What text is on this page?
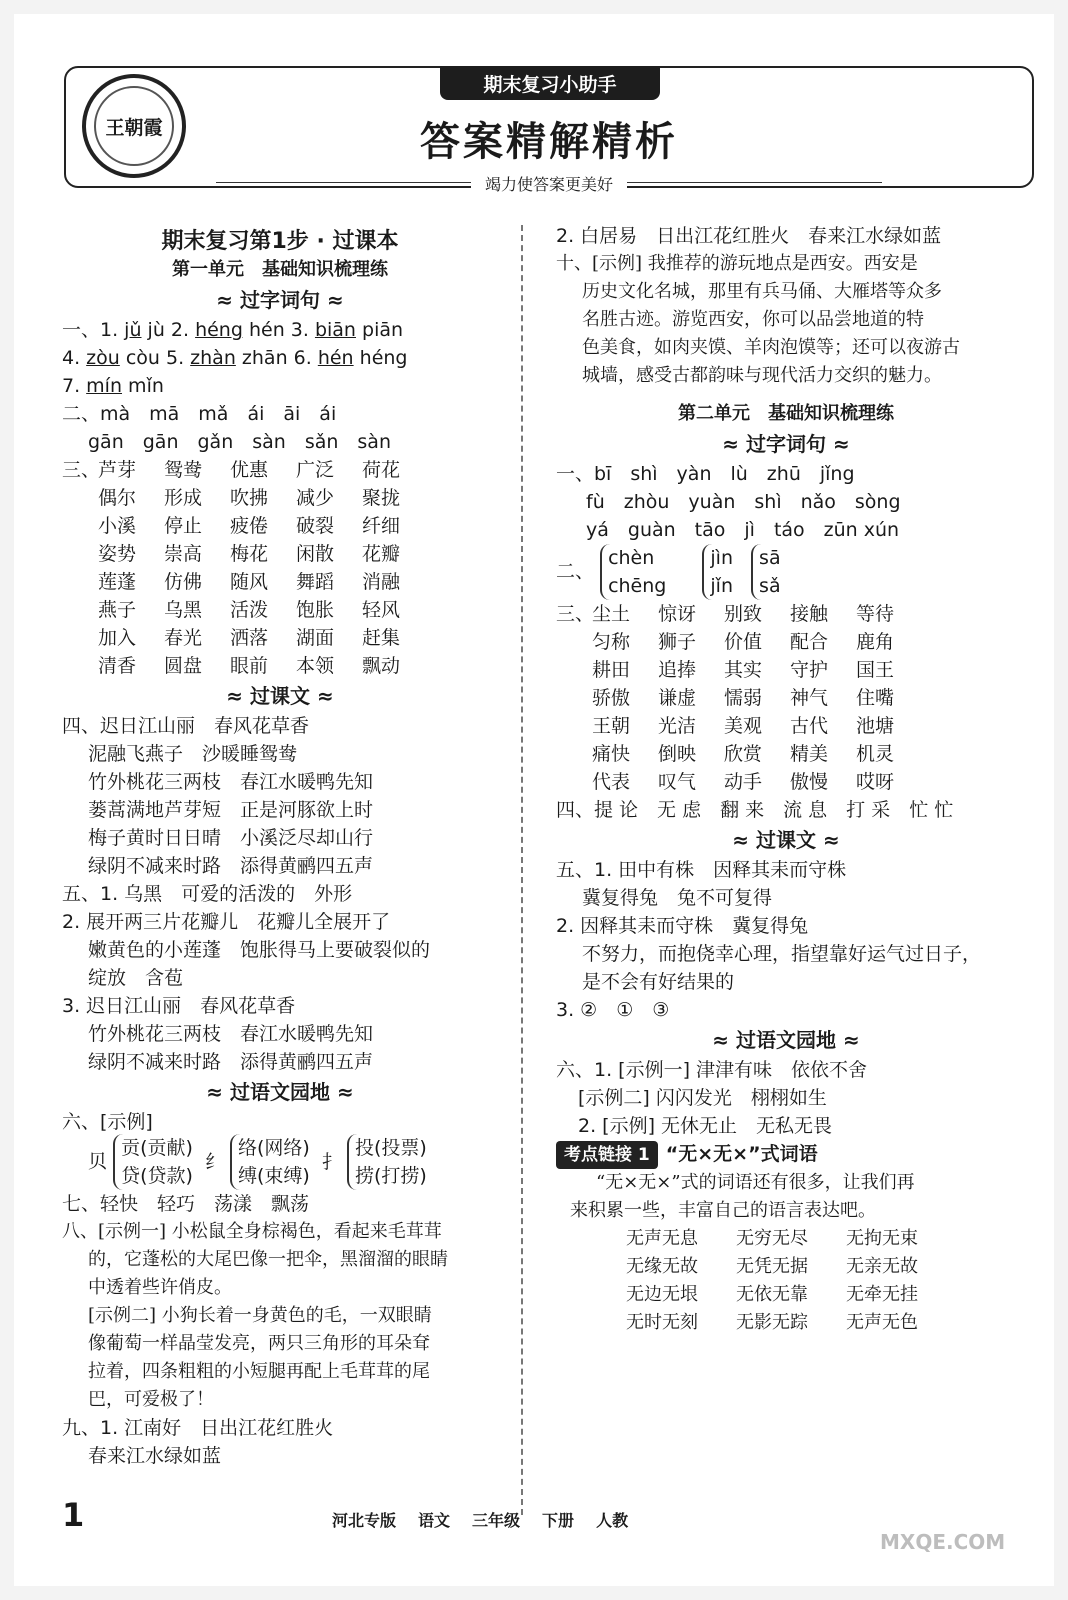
王朝霞
期末复习小助手
答案精解精析
竭力使答案更美好
期末复习第1步 · 过课本
第一单元　基础知识梳理练
≈ 过字词句 ≈
一、1. jǔ jù 2. héng hén 3. biān piān
4. zòu còu 5. zhàn zhān 6. hén héng
7. mín mǐn
二、mà　mā　mǎ　ái　āi　ái
gān　gān　gǎn　sàn　sǎn　sàn
三、芦芽 鸳鸯 优惠 广泛 荷花
偶尔 形成 吹拂 减少 聚拢
小溪 停止 疲倦 破裂 纤细
姿势 崇高 梅花 闲散 花瓣
莲蓬 仿佛 随风 舞蹈 消融
燕子 乌黑 活泼 饱胀 轻风
加入 春光 洒落 湖面 赶集
清香 圆盘 眼前 本领 飘动
≈ 过课文 ≈
四、迟日江山丽　春风花草香
泥融飞燕子　沙暖睡鸳鸯
竹外桃花三两枝　春江水暖鸭先知
蒌蒿满地芦芽短　正是河豚欲上时
梅子黄时日日晴　小溪泛尽却山行
绿阴不减来时路　添得黄鹂四五声
五、1. 乌黑　可爱的活泼的　外形
2. 展开两三片花瓣儿　花瓣儿全展开了
嫩黄色的小莲蓬　饱胀得马上要破裂似的
绽放　含苞
3. 迟日江山丽　春风花草香
竹外桃花三两枝　春江水暖鸭先知
绿阴不减来时路　添得黄鹂四五声
≈ 过语文园地 ≈
六、[示例]
贝 贡(贡献)
贷(贷款) 纟 络(网络)
缚(束缚) 扌 投(投票)
捞(打捞)
七、轻快　轻巧　荡漾　飘荡
八、[示例一] 小松鼠全身棕褐色，看起来毛茸茸
的，它蓬松的大尾巴像一把伞，黑溜溜的眼睛
中透着些许俏皮。
[示例二] 小狗长着一身黄色的毛，一双眼睛
像葡萄一样晶莹发亮，两只三角形的耳朵耷
拉着，四条粗粗的小短腿再配上毛茸茸的尾
巴，可爱极了！
九、1. 江南好　日出江花红胜火
春来江水绿如蓝
2. 白居易　日出江花红胜火　春来江水绿如蓝
十、[示例] 我推荐的游玩地点是西安。西安是
历史文化名城，那里有兵马俑、大雁塔等众多
名胜古迹。游览西安，你可以品尝地道的特
色美食，如肉夹馍、羊肉泡馍等；还可以夜游古
城墙，感受古都韵味与现代活力交织的魅力。
第二单元　基础知识梳理练
≈ 过字词句 ≈
一、bī　shì　yàn　lù　zhū　jǐng
fù　zhòu　yuàn　shì　nǎo　sòng
yá　guàn　tāo　jì　táo　zūn xún
二、 chèn
chēng jìn
jǐn sā
sǎ
三、尘土 惊讶 别致 接触 等待
匀称 狮子 价值 配合 鹿角
耕田 追捧 其实 守护 国王
骄傲 谦虚 懦弱 神气 住嘴
王朝 光洁 美观 古代 池塘
痛快 倒映 欣赏 精美 机灵
代表 叹气 动手 傲慢 哎呀
四、提 论　无 虑　翻 来　流 息　打 采　忙 忙
≈ 过课文 ≈
五、1. 田中有株　因释其耒而守株
冀复得兔　兔不可复得
2. 因释其耒而守株　冀复得兔
不努力，而抱侥幸心理，指望靠好运气过日子，
是不会有好结果的
3. ②　①　③
≈ 过语文园地 ≈
六、1. [示例一] 津津有味　依依不舍
[示例二] 闪闪发光　栩栩如生
2. [示例] 无休无止　无私无畏
考点链接 1 “无×无×”式词语
“无×无×”式的词语还有很多，让我们再
来积累一些，丰富自己的语言表达吧。
无声无息 无穷无尽 无拘无束
无缘无故 无凭无据 无亲无故
无边无垠 无依无靠 无牵无挂
无时无刻 无影无踪 无声无色
1	河北专版 语文 三年级 下册 人教
MXQE.COM
